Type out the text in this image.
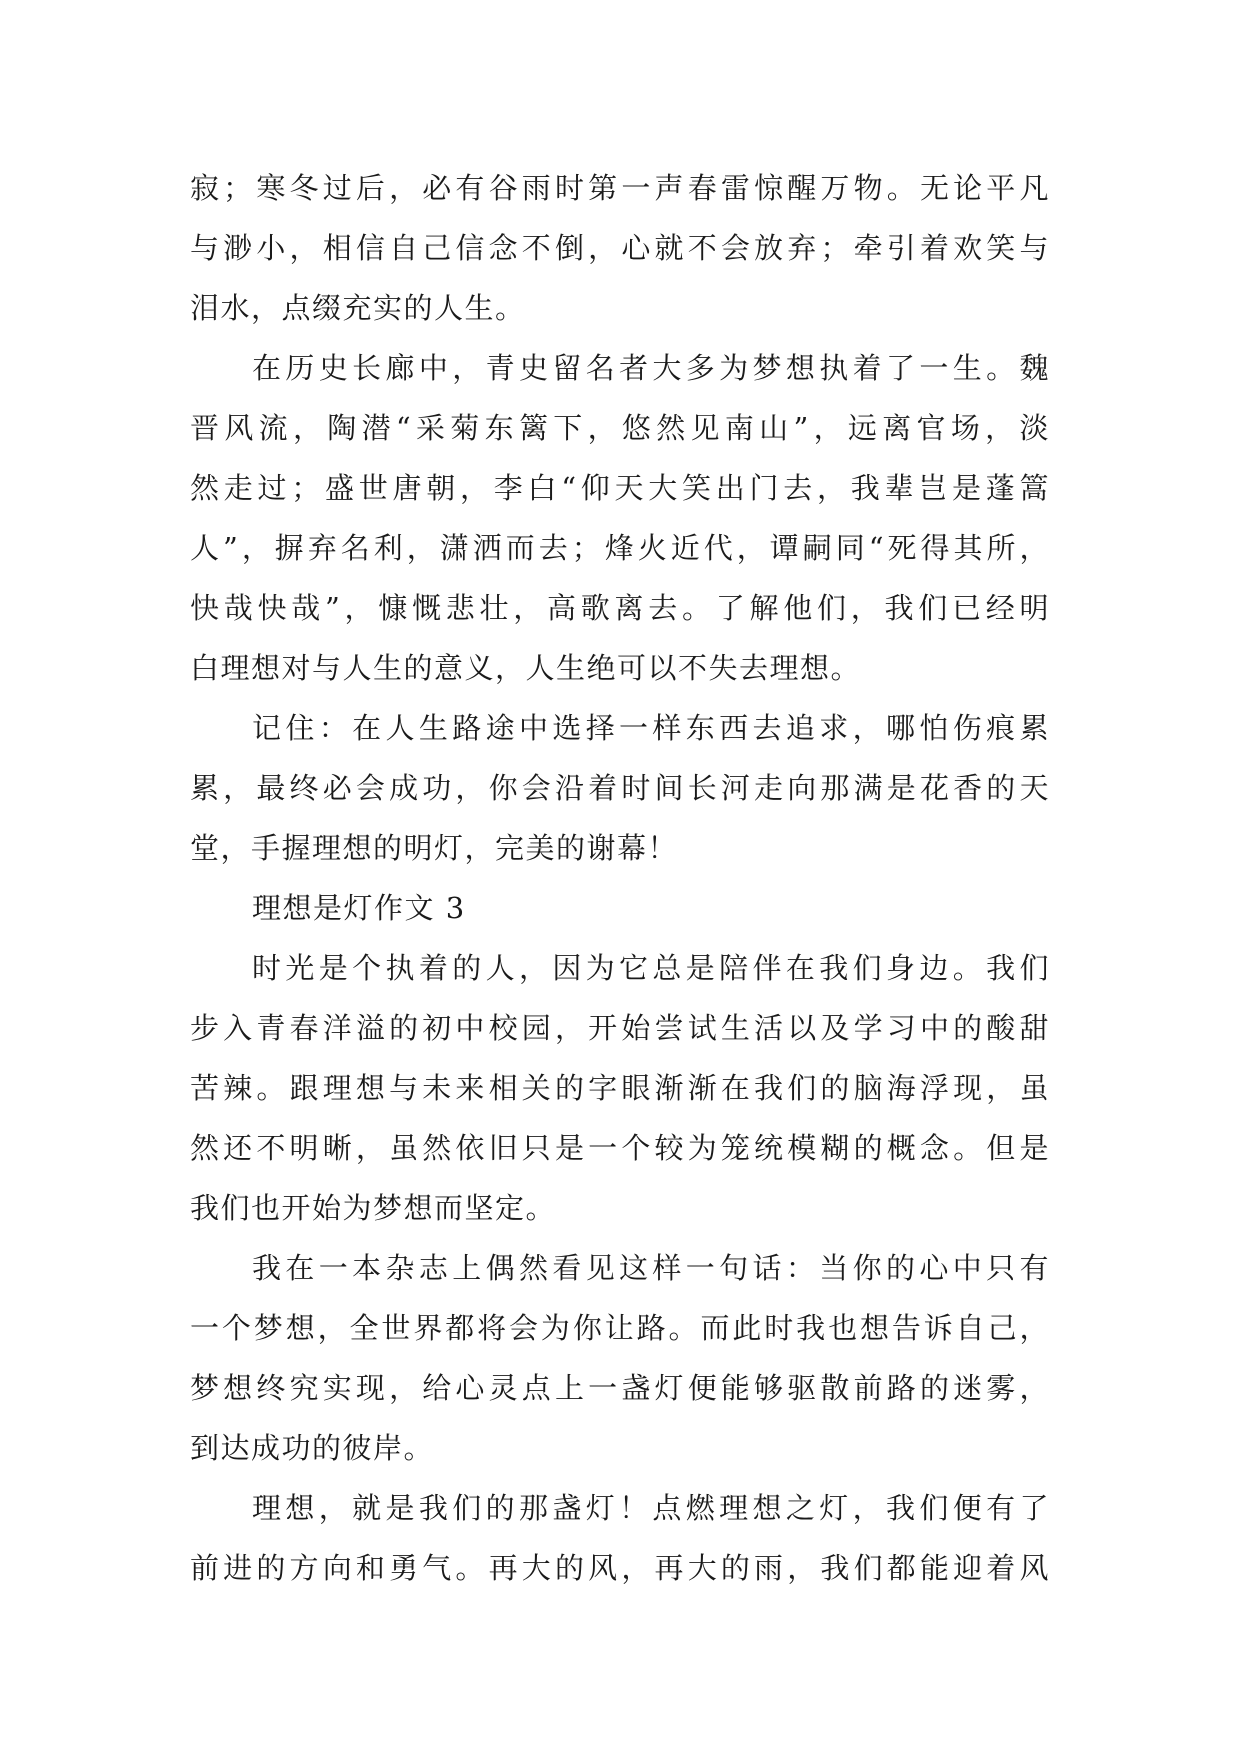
寂；寒冬过后，必有谷雨时第一声春雷惊醒万物。无论平凡
与渺小，相信自己信念不倒，心就不会放弃；牵引着欢笑与
泪水，点缀充实的人生。
在历史长廊中，青史留名者大多为梦想执着了一生。魏
晋风流，陶潜“采菊东篱下，悠然见南山”，远离官场，淡
然走过；盛世唐朝，李白“仰天大笑出门去，我辈岂是蓬篙
人”，摒弃名利，潇洒而去；烽火近代，谭嗣同“死得其所，
快哉快哉”，慷慨悲壮，高歌离去。了解他们，我们已经明
白理想对与人生的意义，人生绝可以不失去理想。
记住：在人生路途中选择一样东西去追求，哪怕伤痕累
累，最终必会成功，你会沿着时间长河走向那满是花香的天
堂，手握理想的明灯，完美的谢幕！
理想是灯作文 3
时光是个执着的人，因为它总是陪伴在我们身边。我们
步入青春洋溢的初中校园，开始尝试生活以及学习中的酸甜
苦辣。跟理想与未来相关的字眼渐渐在我们的脑海浮现，虽
然还不明晰，虽然依旧只是一个较为笼统模糊的概念。但是
我们也开始为梦想而坚定。
我在一本杂志上偶然看见这样一句话：当你的心中只有
一个梦想，全世界都将会为你让路。而此时我也想告诉自己，
梦想终究实现，给心灵点上一盏灯便能够驱散前路的迷雾，
到达成功的彼岸。
理想，就是我们的那盏灯！点燃理想之灯，我们便有了
前进的方向和勇气。再大的风，再大的雨，我们都能迎着风
